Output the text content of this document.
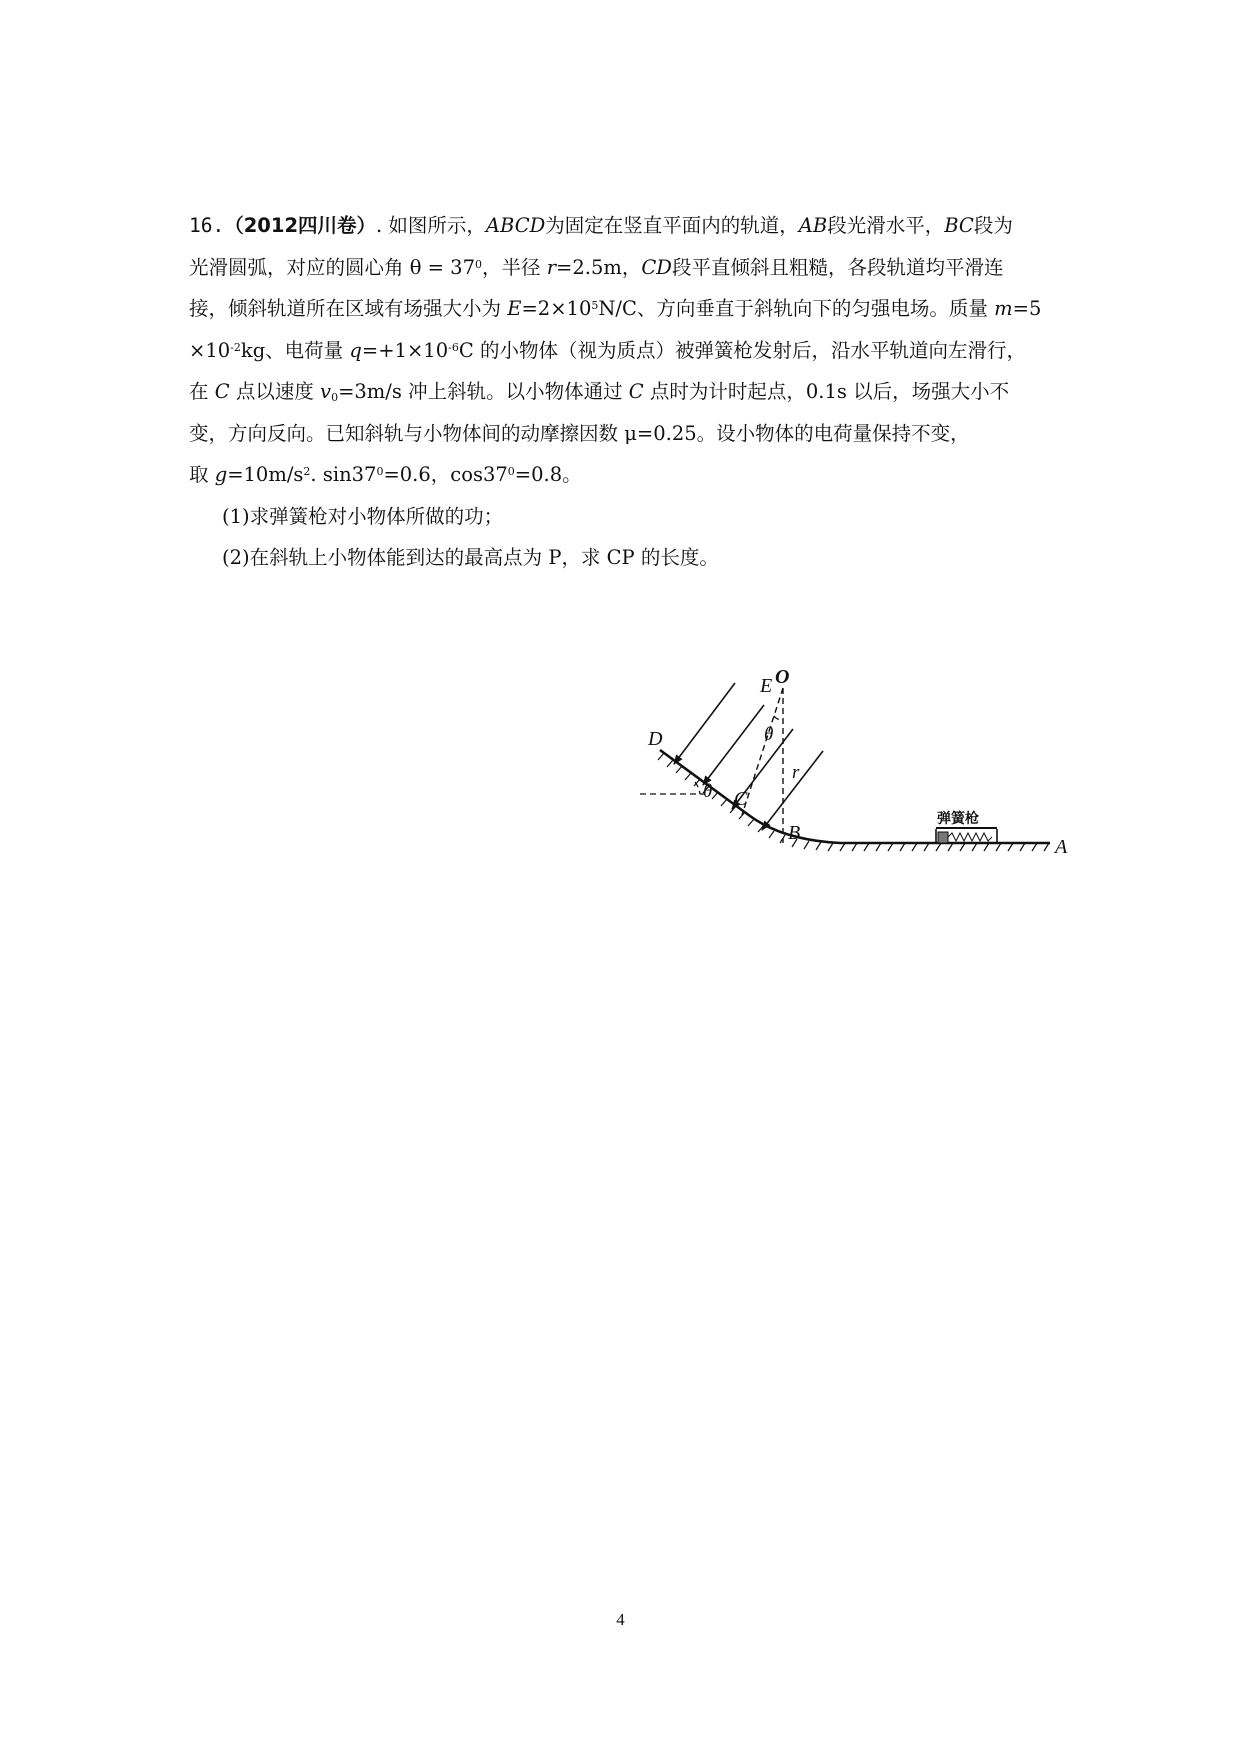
16.（2012四川卷）. 如图所示，ABCD为固定在竖直平面内的轨道，AB段光滑水平，BC段为
光滑圆弧，对应的圆心角 $\theta = 37^0$，半径 r=2.5m，CD段平直倾斜且粗糙，各段轨道均平滑连
接，倾斜轨道所在区域有场强大小为 $E=2\times 10^5N/C$、方向垂直于斜轨向下的匀强电场。质量 m=5
$\times 10^{-2}kg$、电荷量 $q=+1\times 10^{-6}C$ 的小物体（视为质点）被弹簧枪发射后，沿水平轨道向左滑行，
在 C 点以速度 $v_0=3m/s$ 冲上斜轨。以小物体通过 C 点时为计时起点，0.1s 以后，场强大小不
变，方向反向。已知斜轨与小物体间的动摩擦因数 μ=0.25。设小物体的电荷量保持不变，
取 $g=10m/s^2$. $\sin 37^0=0.6$，$\cos 37^0=0.8$。
(1)求弹簧枪对小物体所做的功；
(2)在斜轨上小物体能到达的最高点为 P，求 CP 的长度。
E O
D	θ
r
θ C
B
弹簧枪
A
4
